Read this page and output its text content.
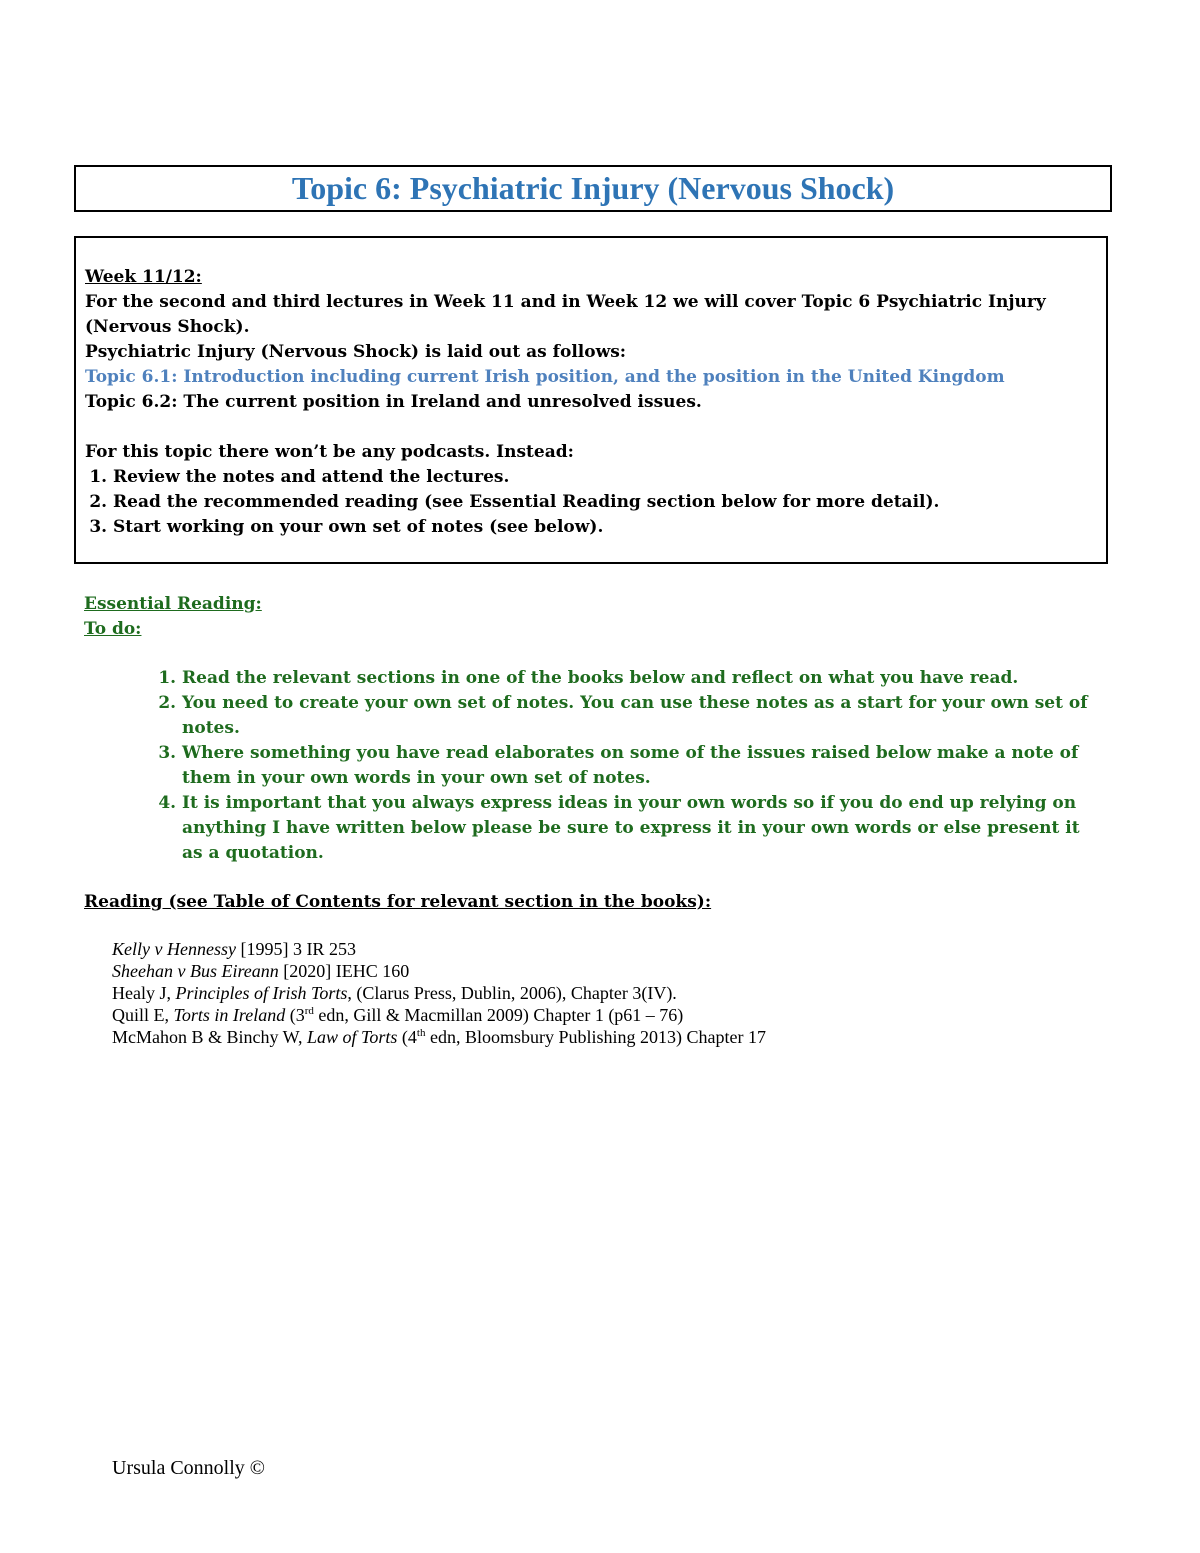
Topic 6: Psychiatric Injury (Nervous Shock)

Week 11/12:

For the second and third lectures in Week 11 and in Week 12 we will cover Topic 6 Psychiatric Injury (Nervous Shock).

Psychiatric Injury (Nervous Shock) is laid out as follows:

Topic 6.1: Introduction including current Irish position, and the position in the United Kingdom

Topic 6.2: The current position in Ireland and unresolved issues.

For this topic there won’t be any podcasts. Instead:

1. Review the notes and attend the lectures.
2. Read the recommended reading (see Essential Reading section below for more detail).
3. Start working on your own set of notes (see below).

Essential Reading:

To do:

1. Read the relevant sections in one of the books below and reflect on what you have read.
2. You need to create your own set of notes. You can use these notes as a start for your own set of notes.
3. Where something you have read elaborates on some of the issues raised below make a note of them in your own words in your own set of notes.
4. It is important that you always express ideas in your own words so if you do end up relying on anything I have written below please be sure to express it in your own words or else present it as a quotation.
Reading (see Table of Contents for relevant section in the books):
Kelly v Hennessy [1995] 3 IR 253
Sheehan v Bus Eireann [2020] IEHC 160
Healy J, Principles of Irish Torts, (Clarus Press, Dublin, 2006), Chapter 3(IV).
Quill E, Torts in Ireland (3rd edn, Gill & Macmillan 2009) Chapter 1 (p61 – 76)
McMahon B & Binchy W, Law of Torts (4th edn, Bloomsbury Publishing 2013) Chapter 17
Ursula Connolly ©
